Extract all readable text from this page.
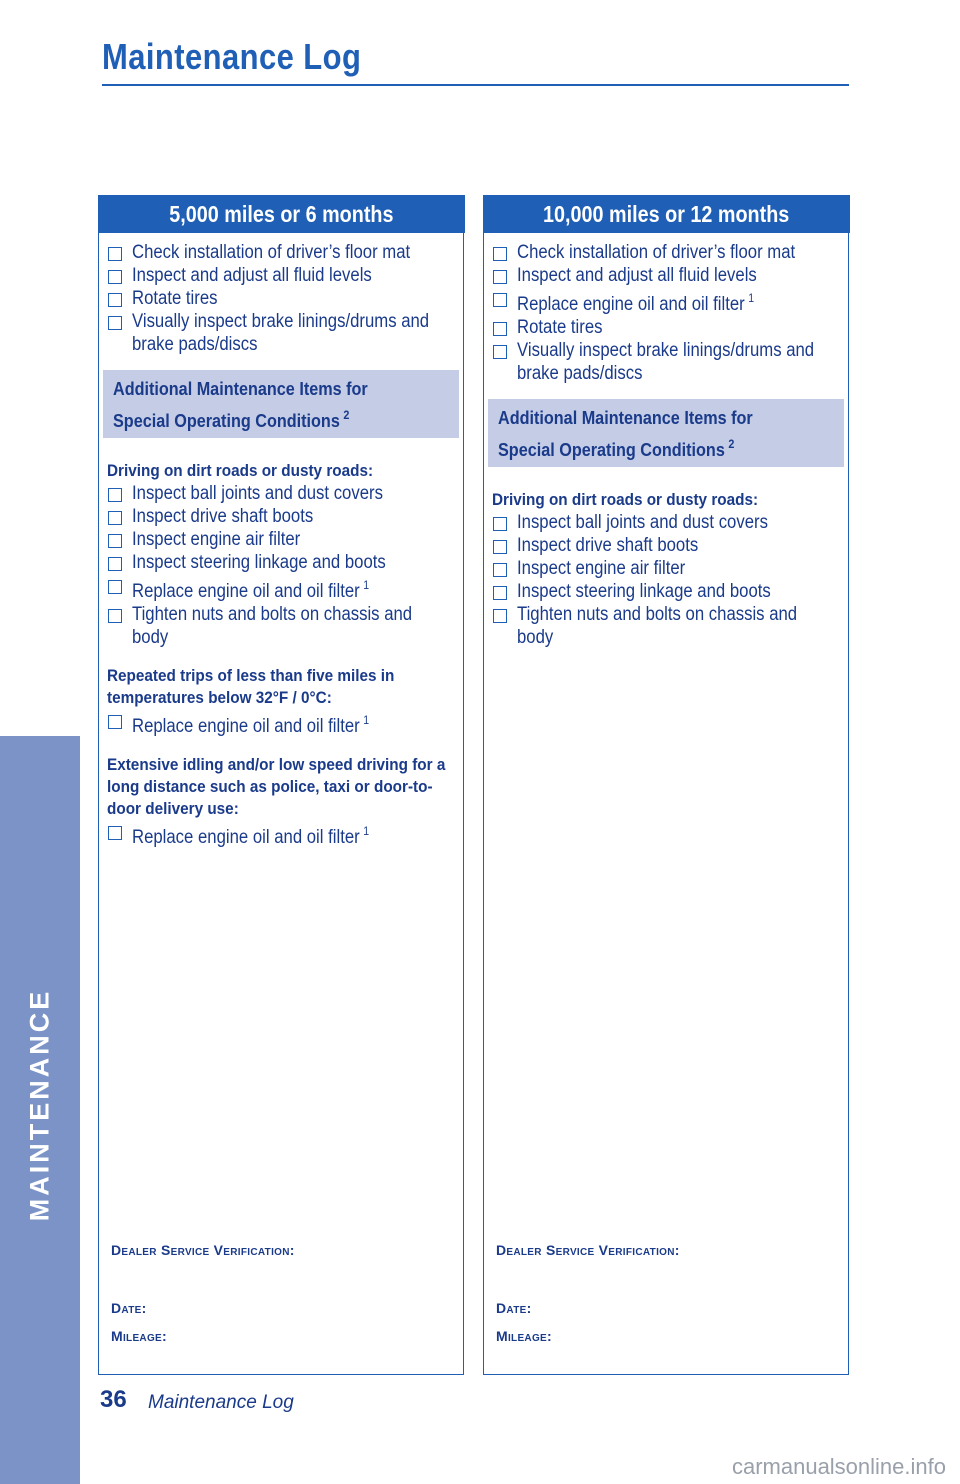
Maintenance Log
MAINTENANCE
5,000 miles or 6 months
Check installation of driver’s floor mat
Inspect and adjust all fluid levels
Rotate tires
Visually inspect brake linings/drums and brake pads/discs
Additional Maintenance Items for
Special Operating Conditions $^2$
Driving on dirt roads or dusty roads:
Inspect ball joints and dust covers
Inspect drive shaft boots
Inspect engine air filter
Inspect steering linkage and boots
Replace engine oil and oil filter $^1$
Tighten nuts and bolts on chassis and body
Repeated trips of less than five miles in temperatures below 32°F / 0°C:
Replace engine oil and oil filter $^1$
Extensive idling and/or low speed driving for a long distance such as police, taxi or door-to-door delivery use:
Replace engine oil and oil filter $^1$
Dealer Service Verification:
Date:
Mileage:
10,000 miles or 12 months
Check installation of driver’s floor mat
Inspect and adjust all fluid levels
Replace engine oil and oil filter $^1$
Rotate tires
Visually inspect brake linings/drums and brake pads/discs
Additional Maintenance Items for
Special Operating Conditions $^2$
Driving on dirt roads or dusty roads:
Inspect ball joints and dust covers
Inspect drive shaft boots
Inspect engine air filter
Inspect steering linkage and boots
Tighten nuts and bolts on chassis and body
Dealer Service Verification:
Date:
Mileage:
36 Maintenance Log
carmanualsonline.info
